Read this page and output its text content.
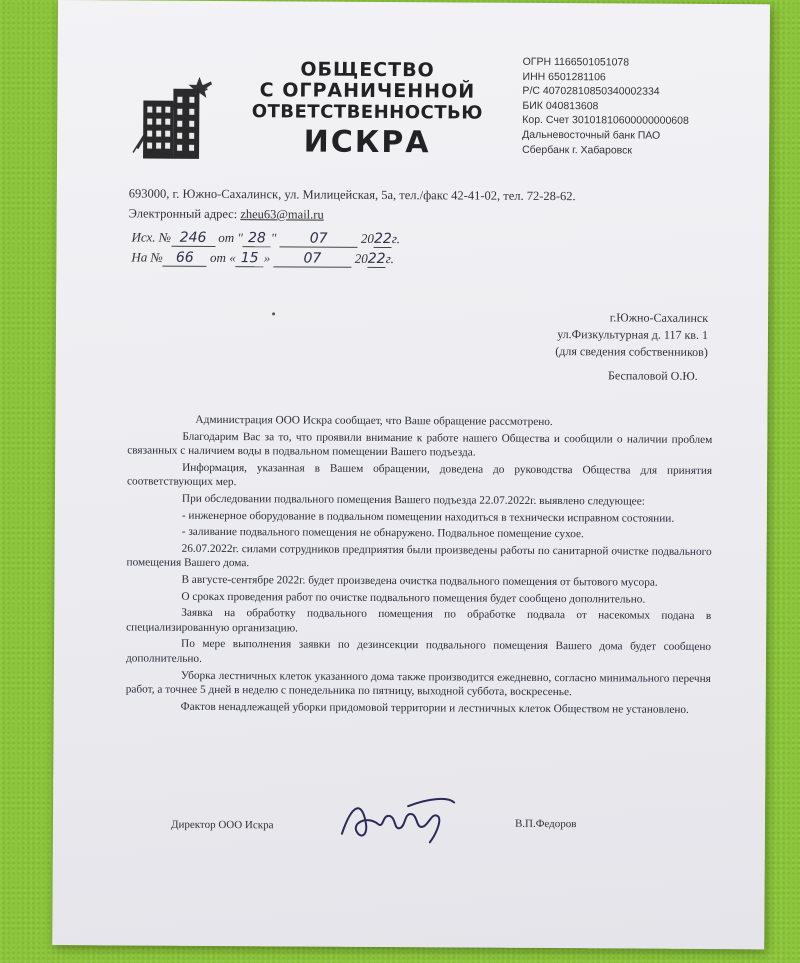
ОБЩЕСТВО
С ОГРАНИЧЕННОЙ
ОТВЕТСТВЕННОСТЬЮ
ИСКРА
ОГРН 1166501051078
ИНН 6501281106
Р/С 40702810850340002334
БИК 040813608
Кор. Счет 30101810600000000608
Дальневосточный банк ПАО
Сбербанк г. Хабаровск
693000, г. Южно-Сахалинск, ул. Милицейская, 5а, тел./факс 42-41-02, тел. 72-28-62.
Электронный адрес: zheu63@mail.ru
Исх. № 246 от " 28 " 07	2022г.
На № 66 от « 15 » 07	2022г.
г.Южно-Сахалинск
ул.Физкультурная д. 117 кв. 1
(для сведения собственников)
Беспаловой О.Ю.

Администрация ООО Искра сообщает, что Ваше обращение рассмотрено.

Благодарим Вас за то, что проявили внимание к работе нашего Общества и сообщили о наличии проблем связанных с наличием воды в подвальном помещении Вашего подъезда.

Информация, указанная в Вашем обращении, доведена до руководства Общества для принятия соответствующих мер.

При обследовании подвального помещения Вашего подъезда 22.07.2022г. выявлено следующее:

- инженерное оборудование в подвальном помещении находиться в технически исправном состоянии.

- заливание подвального помещения не обнаружено. Подвальное помещение сухое.

26.07.2022г. силами сотрудников предприятия были произведены работы по санитарной очистке подвального помещения Вашего дома.

В августе-сентябре 2022г. будет произведена очистка подвального помещения от бытового мусора.

О сроках проведения работ по очистке подвального помещения будет сообщено дополнительно.

Заявка на обработку подвального помещения по обработке подвала от насекомых подана в специализированную организацию.

По мере выполнения заявки по дезинсекции подвального помещения Вашего дома будет сообщено дополнительно.

Уборка лестничных клеток указанного дома также производится ежедневно, согласно минимального перечня работ, а точнее 5 дней в неделю с понедельника по пятницу, выходной суббота, воскресенье.

Фактов ненадлежащей уборки придомовой территории и лестничных клеток Обществом не установлено.

Директор ООО Искра	В.П.Федоров
